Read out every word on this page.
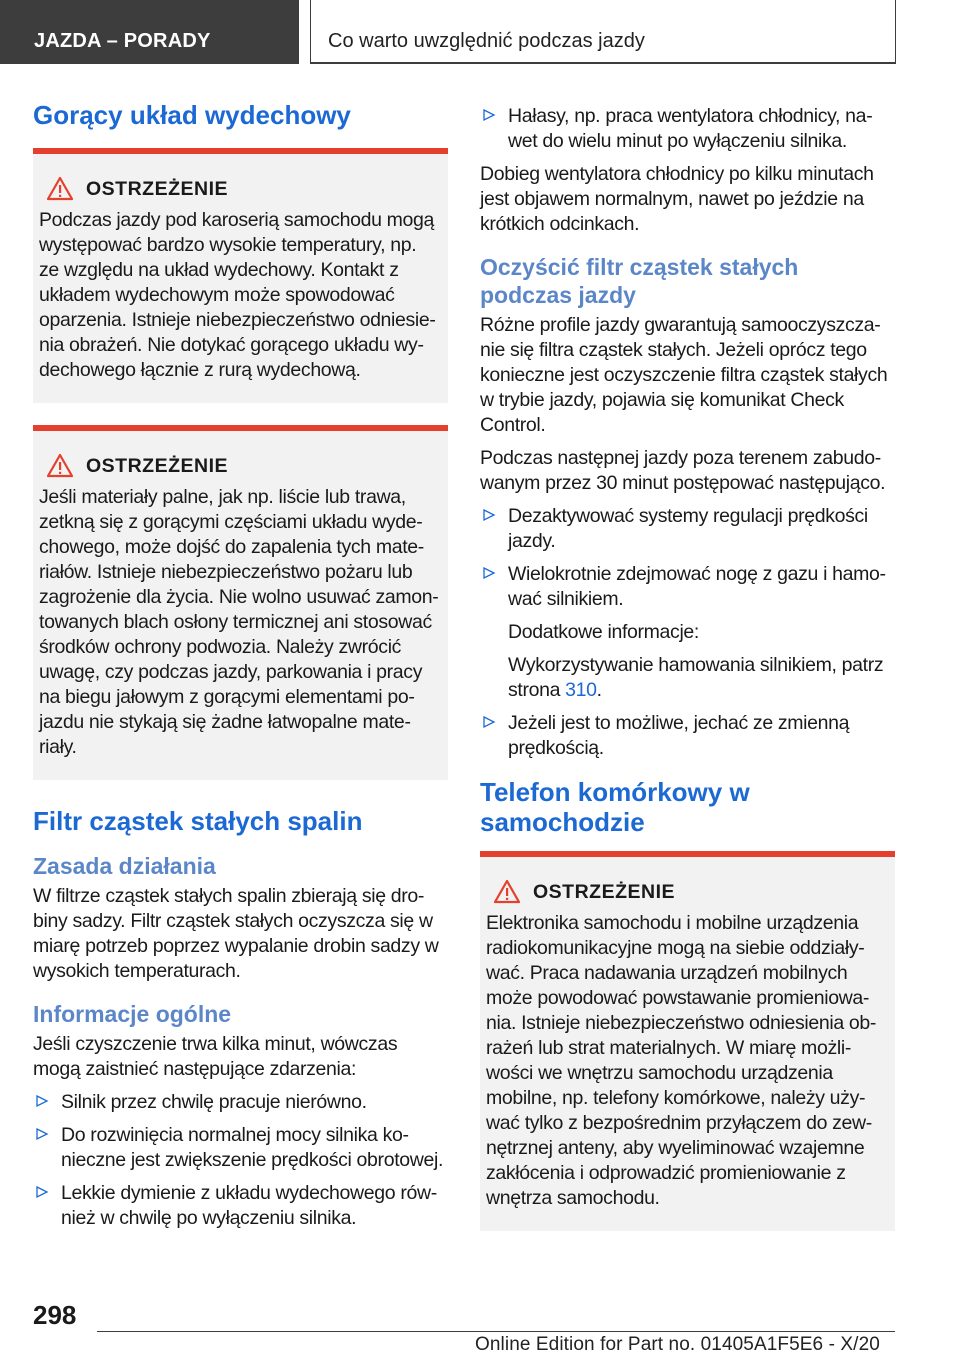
JAZDA – PORADY	Co warto uwzględnić podczas jazdy
Gorący układ wydechowy
OSTRZEŻENIE
Podczas jazdy pod karoserią samochodu mogą występować bardzo wysokie temperatury, np. ze względu na układ wydechowy. Kontakt z układem wydechowym może spowodować oparzenia. Istnieje niebezpieczeństwo odniesienia obrażeń. Nie dotykać gorącego układu wydechowego łącznie z rurą wydechową.
OSTRZEŻENIE
Jeśli materiały palne, jak np. liście lub trawa, zetkną się z gorącymi częściami układu wydechowego, może dojść do zapalenia tych materiałów. Istnieje niebezpieczeństwo pożaru lub zagrożenie dla życia. Nie wolno usuwać zamontowanych blach osłony termicznej ani stosować środków ochrony podwozia. Należy zwrócić uwagę, czy podczas jazdy, parkowania i pracy na biegu jałowym z gorącymi elementami pojazdu nie stykają się żadne łatwopalne materiały.
Filtr cząstek stałych spalin
Zasada działania

W filtrze cząstek stałych spalin zbierają się drobiny sadzy. Filtr cząstek stałych oczyszcza się w miarę potrzeb poprzez wypalanie drobin sadzy w wysokich temperaturach.

Informacje ogólne

Jeśli czyszczenie trwa kilka minut, wówczas mogą zaistnieć następujące zdarzenia:

Silnik przez chwilę pracuje nierówno.
Do rozwinięcia normalnej mocy silnika konieczne jest zwiększenie prędkości obrotowej.
Lekkie dymienie z układu wydechowego również w chwilę po wyłączeniu silnika.
Hałasy, np. praca wentylatora chłodnicy, nawet do wielu minut po wyłączeniu silnika.

Dobieg wentylatora chłodnicy po kilku minutach jest objawem normalnym, nawet po jeździe na krótkich odcinkach.

Oczyścić filtr cząstek stałych podczas jazdy

Różne profile jazdy gwarantują samooczyszczanie się filtra cząstek stałych. Jeżeli oprócz tego konieczne jest oczyszczenie filtra cząstek stałych w trybie jazdy, pojawia się komunikat Check Control.

Podczas następnej jazdy poza terenem zabudowanym przez 30 minut postępować następująco.

Dezaktywować systemy regulacji prędkości jazdy.
Wielokrotnie zdejmować nogę z gazu i hamować silnikiem.
Dodatkowe informacje:
Wykorzystywanie hamowania silnikiem, patrz strona 310.
Jeżeli jest to możliwe, jechać ze zmienną prędkością.
Telefon komórkowy w samochodzie
OSTRZEŻENIE
Elektronika samochodu i mobilne urządzenia radiokomunikacyjne mogą na siebie oddziaływać. Praca nadawania urządzeń mobilnych może powodować powstawanie promieniowania. Istnieje niebezpieczeństwo odniesienia obrażeń lub strat materialnych. W miarę możliwości we wnętrzu samochodu urządzenia mobilne, np. telefony komórkowe, należy używać tylko z bezpośrednim przyłączem do zewnętrznej anteny, aby wyeliminować wzajemne zakłócenia i odprowadzić promieniowanie z wnętrza samochodu.
298
Online Edition for Part no. 01405A1F5E6 - X/20
